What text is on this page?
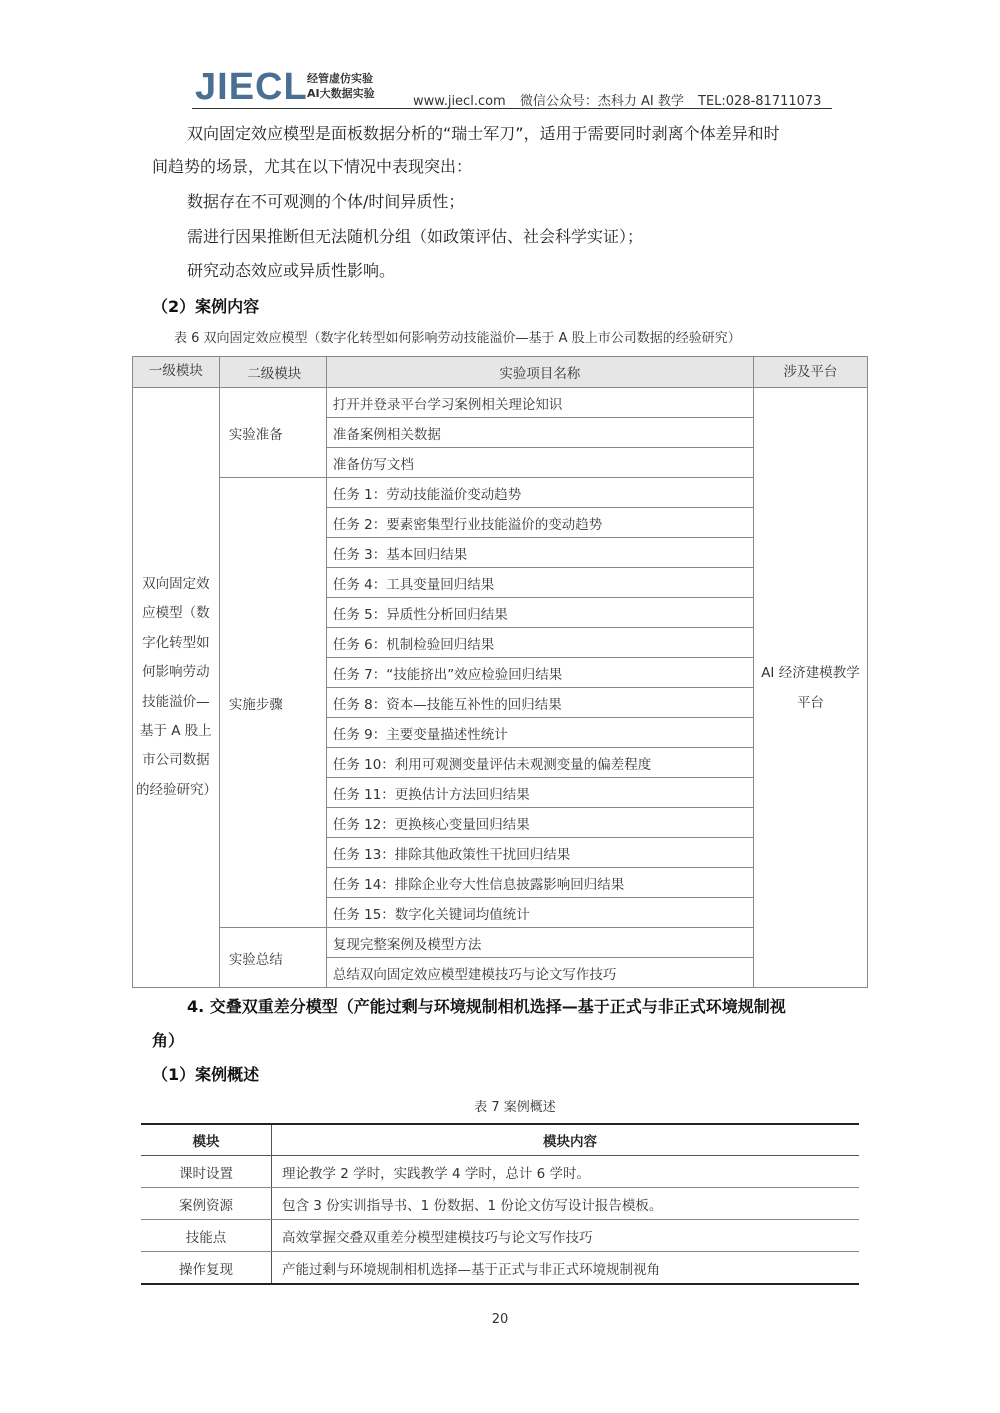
JIECL 经管虚仿实验
AI大数据实验
www.jiecl.com 微信公众号：杰科力 AI 教学 TEL:028-81711073
双向固定效应模型是面板数据分析的“瑞士军刀”，适用于需要同时剥离个体差异和时
间趋势的场景，尤其在以下情况中表现突出：
数据存在不可观测的个体/时间异质性；
需进行因果推断但无法随机分组（如政策评估、社会科学实证）；
研究动态效应或异质性影响。
（2）案例内容
表 6 双向固定效应模型（数字化转型如何影响劳动技能溢价—基于 A 股上市公司数据的经验研究）
一级模块	二级模块	实验项目名称	涉及平台
双向固定效应模型（数字化转型如何影响劳动技能溢价—基于 A 股上市公司数据的经验研究）	实验准备	打开并登录平台学习案例相关理论知识	AI 经济建模教学平台
		准备案例相关数据	
		准备仿写文档	
	实施步骤	任务 1：劳动技能溢价变动趋势	
		任务 2：要素密集型行业技能溢价的变动趋势	
		任务 3：基本回归结果	
		任务 4：工具变量回归结果	
		任务 5：异质性分析回归结果	
		任务 6：机制检验回归结果	
		任务 7：“技能挤出”效应检验回归结果	
		任务 8：资本—技能互补性的回归结果	
		任务 9：主要变量描述性统计	
		任务 10：利用可观测变量评估未观测变量的偏差程度	
		任务 11：更换估计方法回归结果	
		任务 12：更换核心变量回归结果	
		任务 13：排除其他政策性干扰回归结果	
		任务 14：排除企业夸大性信息披露影响回归结果	
		任务 15：数字化关键词均值统计	
	实验总结	复现完整案例及模型方法	
		总结双向固定效应模型建模技巧与论文写作技巧	
4. 交叠双重差分模型（产能过剩与环境规制相机选择—基于正式与非正式环境规制视
角）
（1）案例概述
表 7 案例概述
模块	模块内容
课时设置	理论教学 2 学时，实践教学 4 学时，总计 6 学时。
案例资源	包含 3 份实训指导书、1 份数据、1 份论文仿写设计报告模板。
技能点	高效掌握交叠双重差分模型建模技巧与论文写作技巧
操作复现	产能过剩与环境规制相机选择—基于正式与非正式环境规制视角
20
